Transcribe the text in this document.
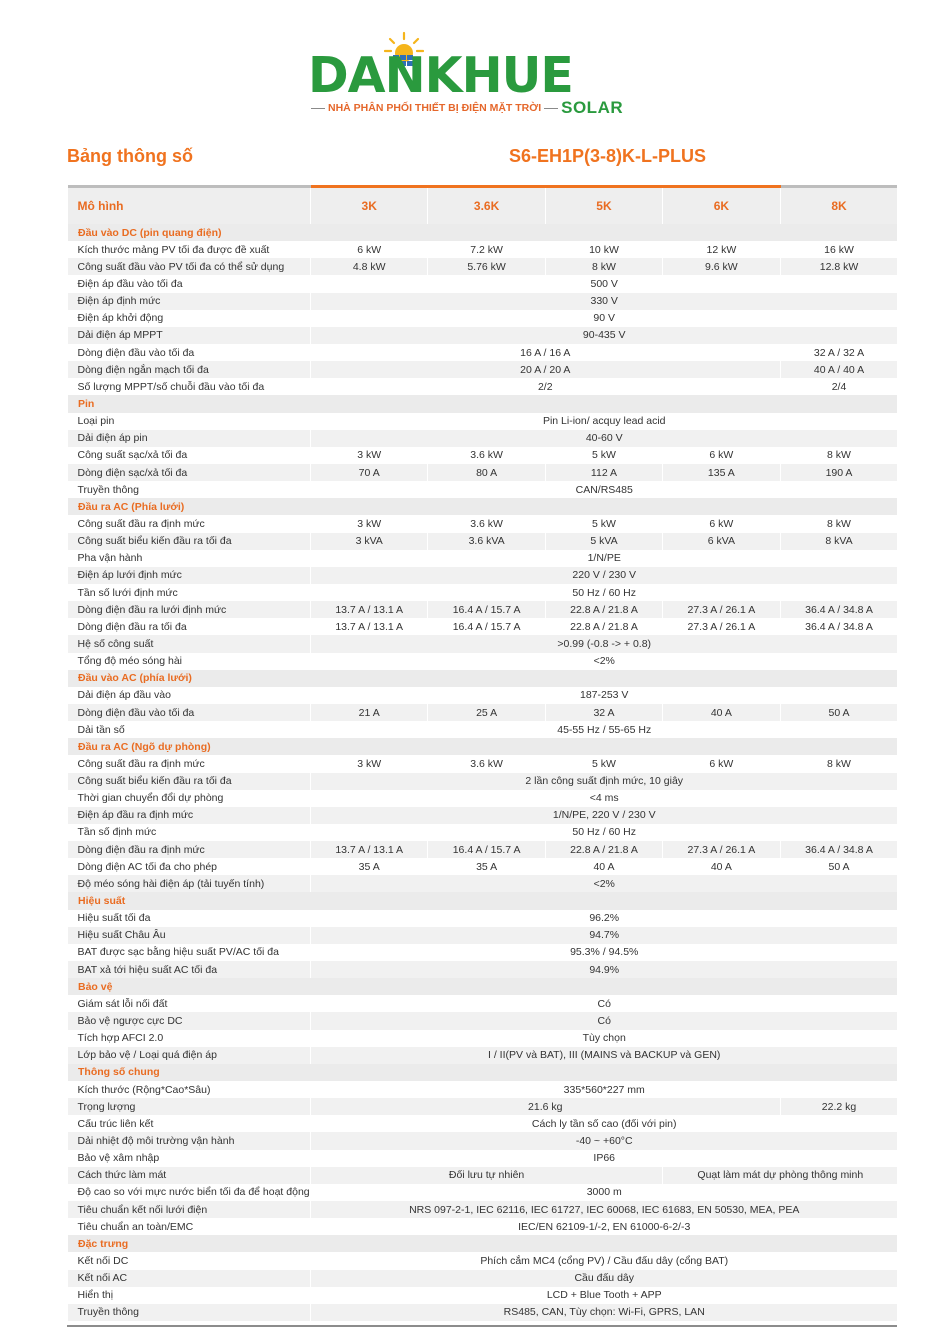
DANKHUE
NHÀ PHÂN PHỐI THIẾT BỊ ĐIỆN MẶT TRỜI SOLAR
Bảng thông số	S6-EH1P(3-8)K-L-PLUS
Mô hình	3K	3.6K	5K	6K	8K
Đầu vào DC (pin quang điện)					
Kích thước mảng PV tối đa được đề xuất	6 kW	7.2 kW	10 kW	12 kW	16 kW
Công suất đầu vào PV tối đa có thể sử dụng	4.8 kW	5.76 kW	8 kW	9.6 kW	12.8 kW
Điện áp đầu vào tối đa	500 V				
Điện áp định mức	330 V				
Điện áp khởi động	90 V				
Dải điện áp MPPT	90-435 V				
Dòng điện đầu vào tối đa	16 A / 16 A				32 A / 32 A
Dòng điện ngắn mạch tối đa	20 A / 20 A				40 A / 40 A
Số lượng MPPT/số chuỗi đầu vào tối đa	2/2				2/4
Pin					
Loại pin	Pin Li-ion/ acquy lead acid				
Dải điện áp pin	40-60 V				
Công suất sạc/xả tối đa	3 kW	3.6 kW	5 kW	6 kW	8 kW
Dòng điện sạc/xả tối đa	70 A	80 A	112 A	135 A	190 A
Truyền thông	CAN/RS485				
Đầu ra AC (Phía lưới)					
Công suất đầu ra định mức	3 kW	3.6 kW	5 kW	6 kW	8 kW
Công suất biểu kiến đầu ra tối đa	3 kVA	3.6 kVA	5 kVA	6 kVA	8 kVA
Pha vận hành	1/N/PE				
Điện áp lưới định mức	220 V / 230 V				
Tần số lưới định mức	50 Hz / 60 Hz				
Dòng điện đầu ra lưới định mức	13.7 A / 13.1 A	16.4 A / 15.7 A	22.8 A / 21.8 A	27.3 A / 26.1 A	36.4 A / 34.8 A
Dòng điện đầu ra tối đa	13.7 A / 13.1 A	16.4 A / 15.7 A	22.8 A / 21.8 A	27.3 A / 26.1 A	36.4 A / 34.8 A
Hệ số công suất	>0.99 (-0.8 -> + 0.8)				
Tổng độ méo sóng hài	<2%				
Đầu vào AC (phía lưới)					
Dải điện áp đầu vào	187-253 V				
Dòng điện đầu vào tối đa	21 A	25 A	32 A	40 A	50 A
Dải tần số	45-55 Hz / 55-65 Hz				
Đầu ra AC (Ngõ dự phòng)					
Công suất đầu ra định mức	3 kW	3.6 kW	5 kW	6 kW	8 kW
Công suất biểu kiến đầu ra tối đa	2 lần công suất định mức, 10 giây				
Thời gian chuyển đổi dự phòng	<4 ms				
Điện áp đầu ra định mức	1/N/PE, 220 V / 230 V				
Tần số định mức	50 Hz / 60 Hz				
Dòng điện đầu ra định mức	13.7 A / 13.1 A	16.4 A / 15.7 A	22.8 A / 21.8 A	27.3 A / 26.1 A	36.4 A / 34.8 A
Dòng điện AC tối đa cho phép	35 A	35 A	40 A	40 A	50 A
Độ méo sóng hài điện áp (tải tuyến tính)	<2%				
Hiệu suất					
Hiệu suất tối đa	96.2%				
Hiệu suất Châu Âu	94.7%				
BAT được sạc bằng hiệu suất PV/AC tối đa	95.3% / 94.5%				
BAT xả tới hiệu suất AC tối đa	94.9%				
Bảo vệ					
Giám sát lỗi nối đất	Có				
Bảo vệ ngược cực DC	Có				
Tích hợp AFCI 2.0	Tùy chọn				
Lớp bảo vệ / Loại quá điện áp	I / II(PV và BAT), III (MAINS và BACKUP và GEN)				
Thông số chung					
Kích thước (Rộng*Cao*Sâu)	335*560*227 mm				
Trọng lượng	21.6 kg				22.2 kg
Cấu trúc liên kết	Cách ly tần số cao (đối với pin)				
Dải nhiệt độ môi trường vận hành	-40 ~ +60°C				
Bảo vệ xâm nhập	IP66				
Cách thức làm mát	Đối lưu tự nhiên			Quạt làm mát dự phòng thông minh	
Độ cao so với mực nước biển tối đa để hoạt động	3000 m				
Tiêu chuẩn kết nối lưới điện	NRS 097-2-1, IEC 62116, IEC 61727, IEC 60068, IEC 61683, EN 50530, MEA, PEA				
Tiêu chuẩn an toàn/EMC	IEC/EN 62109-1/-2, EN 61000-6-2/-3				
Đặc trưng					
Kết nối DC	Phích cắm MC4 (cổng PV) / Cầu đấu dây (cổng BAT)				
Kết nối AC	Cầu đấu dây				
Hiển thị	LCD + Blue Tooth + APP				
Truyền thông	RS485, CAN, Tùy chọn: Wi-Fi, GPRS, LAN				
